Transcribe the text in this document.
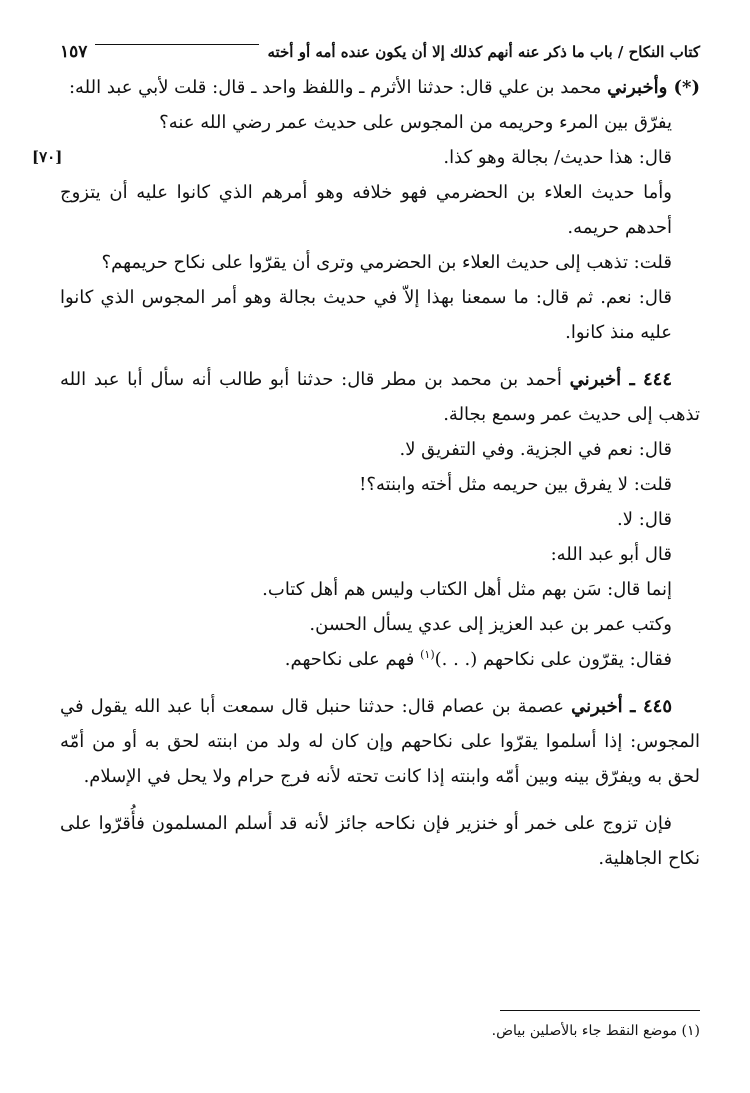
كتاب النكاح / باب ما ذكر عنه أنهم كذلك إلا أن يكون عنده أمه أو أخته
١٥٧

(*) وأخبرني محمد بن علي قال: حدثنا الأثرم ـ واللفظ واحد ـ قال: قلت لأبي عبد الله:

يفرّق بين المرء وحريمه من المجوس على حديث عمر رضي الله عنه؟

قال: هذا حديث/ بجالة وهو كذا.
[٧٠]

وأما حديث العلاء بن الحضرمي فهو خلافه وهو أمرهم الذي كانوا عليه أن يتزوج أحدهم حريمه.

قلت: تذهب إلى حديث العلاء بن الحضرمي وترى أن يقرّوا على نكاح حريمهم؟

قال: نعم. ثم قال: ما سمعنا بهذا إلاّ في حديث بجالة وهو أمر المجوس الذي كانوا عليه منذ كانوا.

٤٤٤ ـ أخبرني أحمد بن محمد بن مطر قال: حدثنا أبو طالب أنه سأل أبا عبد الله تذهب إلى حديث عمر وسمع بجالة.

قال: نعم في الجزية. وفي التفريق لا.

قلت: لا يفرق بين حريمه مثل أخته وابنته؟!

قال: لا.

قال أبو عبد الله:

إنما قال: سَن بهم مثل أهل الكتاب وليس هم أهل كتاب.

وكتب عمر بن عبد العزيز إلى عدي يسأل الحسن.

فقال: يقرّون على نكاحهم (. . .)$^{(١)}$ فهم على نكاحهم.

٤٤٥ ـ أخبرني عصمة بن عصام قال: حدثنا حنبل قال سمعت أبا عبد الله يقول في المجوس: إذا أسلموا يقرّوا على نكاحهم وإن كان له ولد من ابنته لحق به أو من أمّه لحق به ويفرّق بينه وبين أمّه وابنته إذا كانت تحته لأنه فرج حرام ولا يحل في الإسلام.

فإن تزوج على خمر أو خنزير فإن نكاحه جائز لأنه قد أسلم المسلمون فأُقرّوا على نكاح الجاهلية.

(١) موضع النقط جاء بالأصلين بياض.
